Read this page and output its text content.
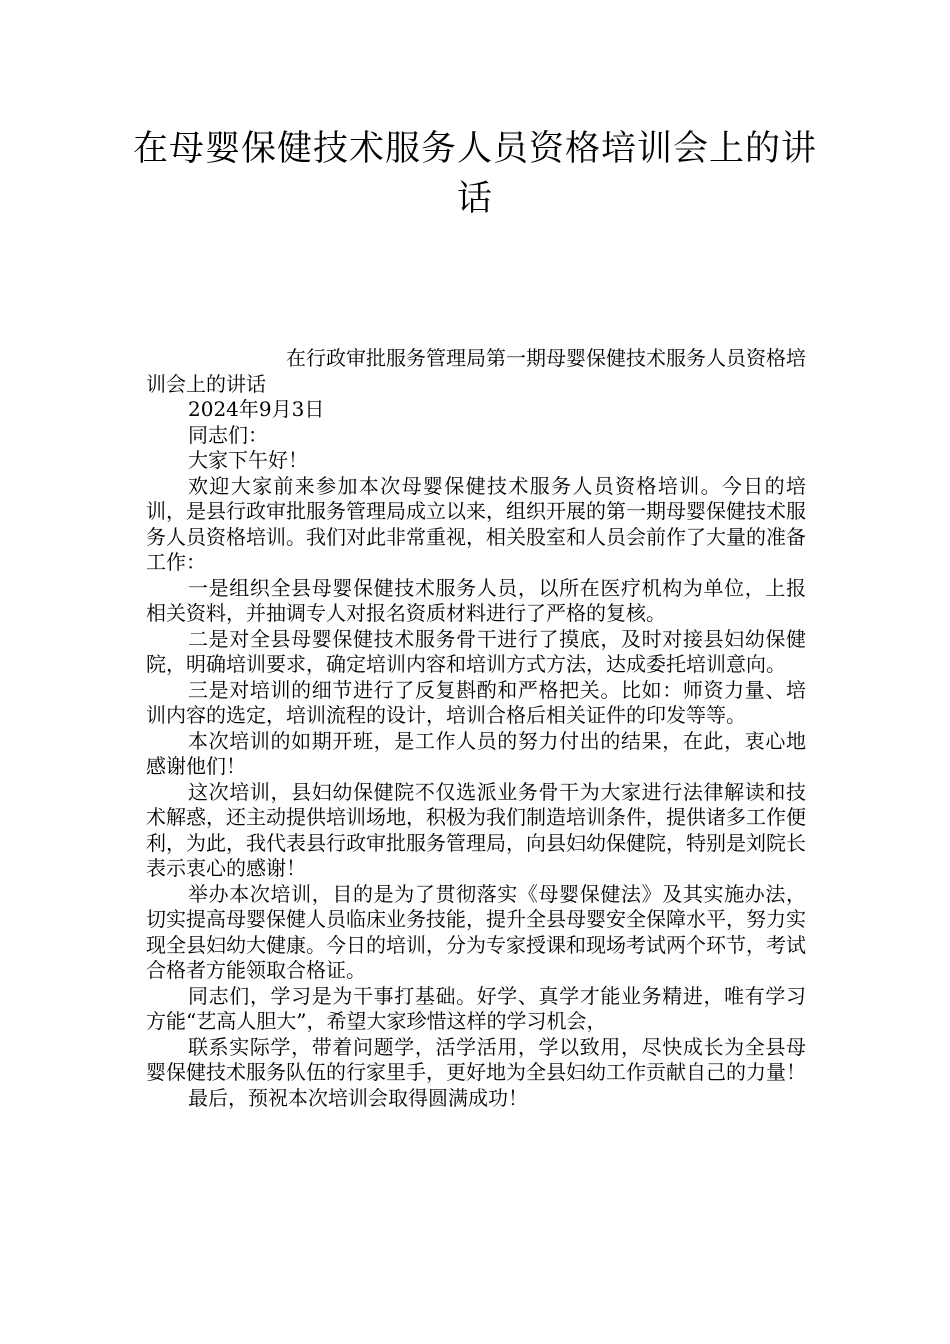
在母婴保健技术服务人员资格培训会上的讲话

在行政审批服务管理局第一期母婴保健技术服务人员资格培训会上的讲话

2024年9月3日

同志们：

大家下午好！

欢迎大家前来参加本次母婴保健技术服务人员资格培训。今日的培训，是县行政审批服务管理局成立以来，组织开展的第一期母婴保健技术服务人员资格培训。我们对此非常重视，相关股室和人员会前作了大量的准备工作：

一是组织全县母婴保健技术服务人员，以所在医疗机构为单位，上报相关资料，并抽调专人对报名资质材料进行了严格的复核。

二是对全县母婴保健技术服务骨干进行了摸底，及时对接县妇幼保健院，明确培训要求，确定培训内容和培训方式方法，达成委托培训意向。

三是对培训的细节进行了反复斟酌和严格把关。比如：师资力量、培训内容的选定，培训流程的设计，培训合格后相关证件的印发等等。

本次培训的如期开班，是工作人员的努力付出的结果，在此，衷心地感谢他们！

这次培训，县妇幼保健院不仅选派业务骨干为大家进行法律解读和技术解惑，还主动提供培训场地，积极为我们制造培训条件，提供诸多工作便利，为此，我代表县行政审批服务管理局，向县妇幼保健院，特别是刘院长表示衷心的感谢！

举办本次培训，目的是为了贯彻落实《母婴保健法》及其实施办法，切实提高母婴保健人员临床业务技能，提升全县母婴安全保障水平，努力实现全县妇幼大健康。今日的培训，分为专家授课和现场考试两个环节，考试合格者方能领取合格证。

同志们，学习是为干事打基础。好学、真学才能业务精进，唯有学习方能“艺高人胆大”，希望大家珍惜这样的学习机会，

联系实际学，带着问题学，活学活用，学以致用，尽快成长为全县母婴保健技术服务队伍的行家里手，更好地为全县妇幼工作贡献自己的力量！

最后，预祝本次培训会取得圆满成功！
